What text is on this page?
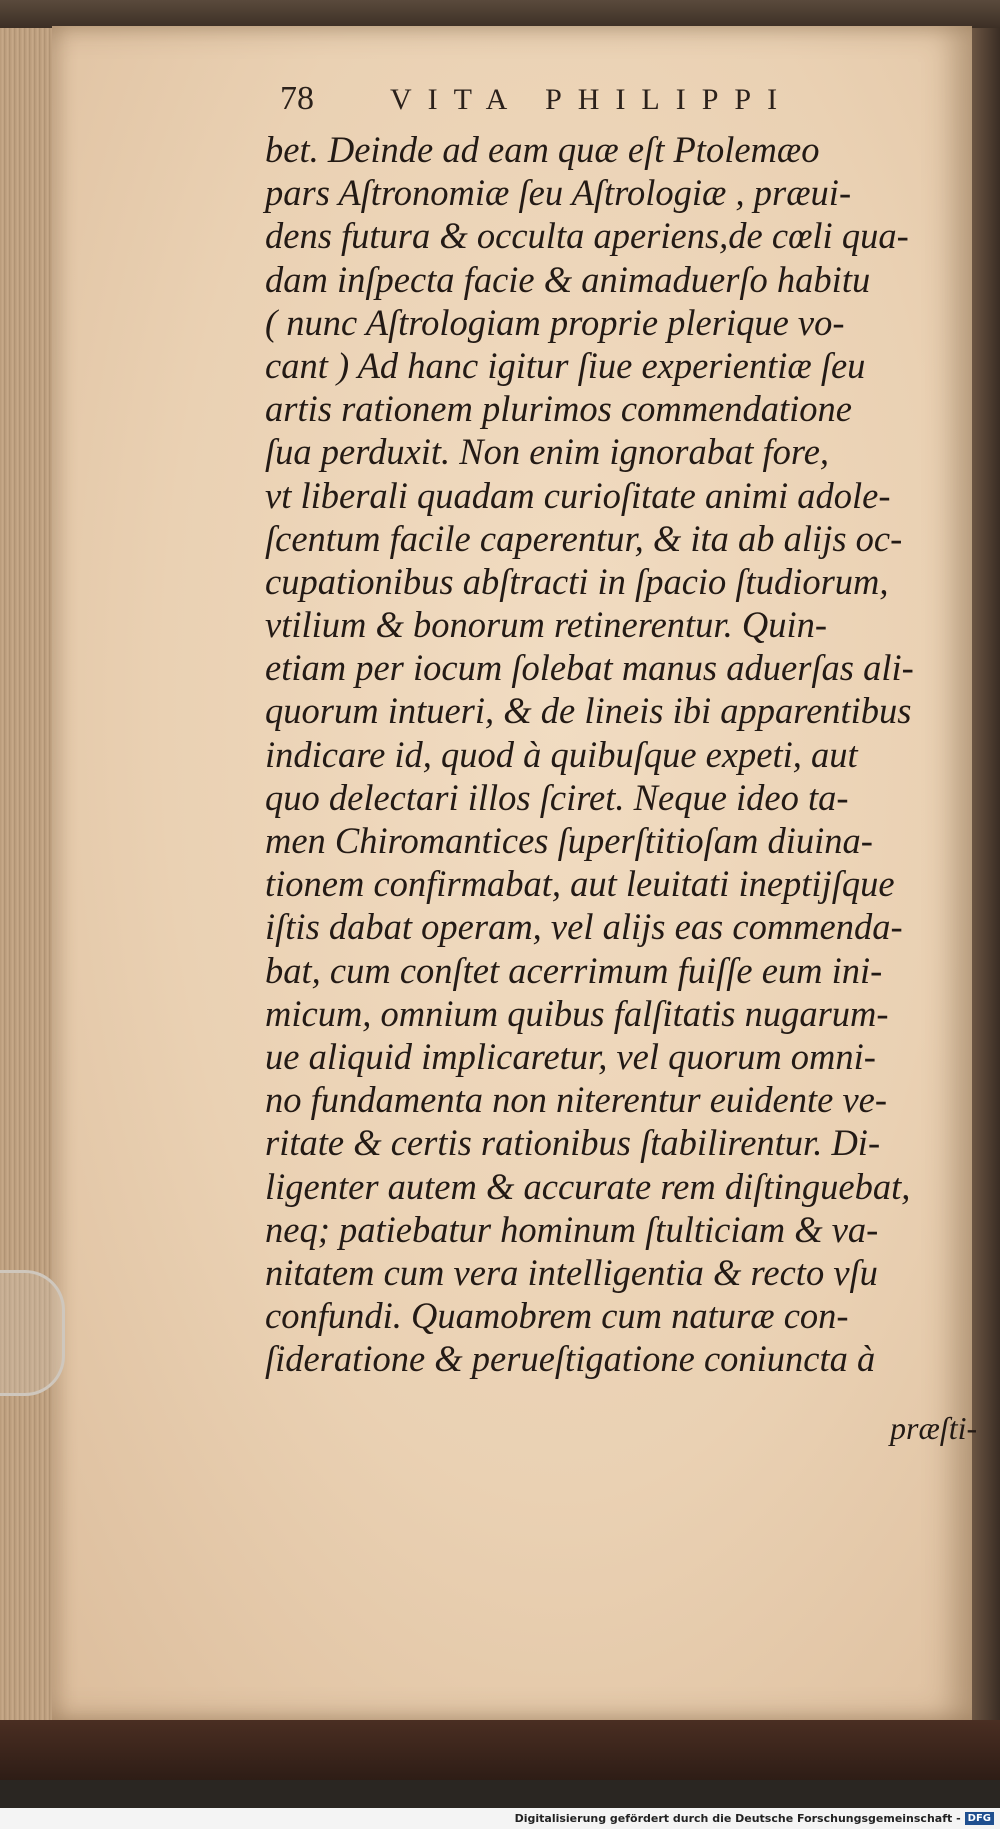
78	VITA PHILIPPI
bet. Deinde ad eam quæ eſt Ptolemæo
pars Aſtronomiæ ſeu Aſtrologiæ , præui-
dens futura & occulta aperiens,de cœli qua-
dam inſpecta facie & animaduerſo habitu
( nunc Aſtrologiam proprie plerique vo-
cant ) Ad hanc igitur ſiue experientiæ ſeu
artis rationem plurimos commendatione
ſua perduxit. Non enim ignorabat fore,
vt liberali quadam curioſitate animi adole-
ſcentum facile caperentur, & ita ab alijs oc-
cupationibus abſtracti in ſpacio ſtudiorum,
vtilium & bonorum retinerentur. Quin-
etiam per iocum ſolebat manus aduerſas ali-
quorum intueri, & de lineis ibi apparentibus
indicare id, quod à quibuſque expeti, aut
quo delectari illos ſciret. Neque ideo ta-
men Chiromantices ſuperſtitioſam diuina-
tionem confirmabat, aut leuitati ineptijſque
iſtis dabat operam, vel alijs eas commenda-
bat, cum conſtet acerrimum fuiſſe eum ini-
micum, omnium quibus falſitatis nugarum-
ue aliquid implicaretur, vel quorum omni-
no fundamenta non niterentur euidente ve-
ritate & certis rationibus ſtabilirentur. Di-
ligenter autem & accurate rem diſtinguebat,
neq; patiebatur hominum ſtulticiam & va-
nitatem cum vera intelligentia & recto vſu
confundi. Quamobrem cum naturæ con-
ſideratione & perueſtigatione coniuncta à
præſti-
Digitalisierung gefördert durch die Deutsche Forschungsgemeinschaft - DFG
